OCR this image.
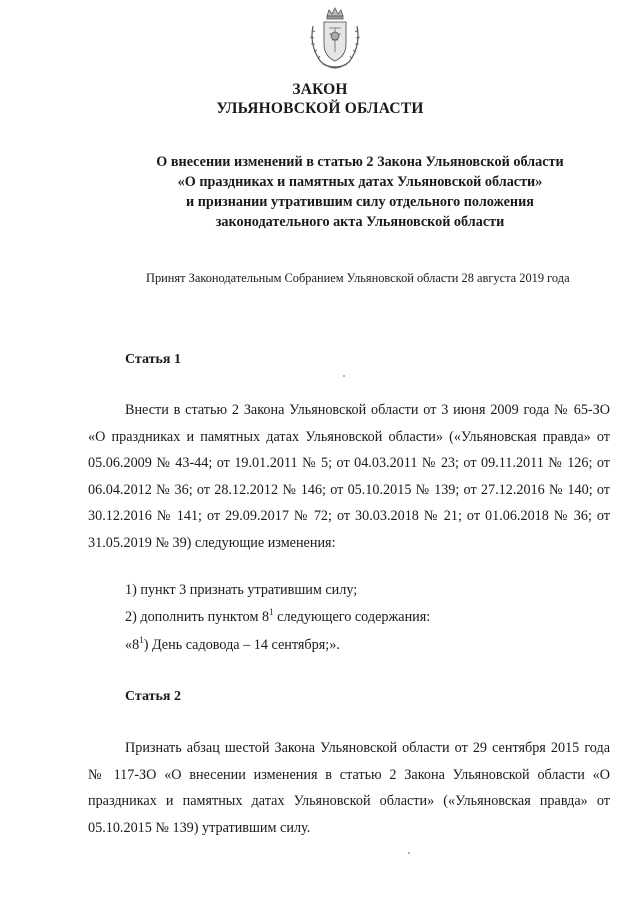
ЗАКОН
УЛЬЯНОВСКОЙ ОБЛАСТИ
О внесении изменений в статью 2 Закона Ульяновской области
«О праздниках и памятных датах Ульяновской области»
и признании утратившим силу отдельного положения
законодательного акта Ульяновской области
Принят Законодательным Собранием Ульяновской области 28 августа 2019 года
Статья 1
Внести в статью 2 Закона Ульяновской области от 3 июня 2009 года № 65-ЗО «О праздниках и памятных датах Ульяновской области» («Ульяновская правда» от 05.06.2009 № 43-44; от 19.01.2011 № 5; от 04.03.2011 № 23; от 09.11.2011 № 126; от 06.04.2012 № 36; от 28.12.2012 № 146; от 05.10.2015 № 139; от 27.12.2016 № 140; от 30.12.2016 № 141; от 29.09.2017 № 72; от 30.03.2018 № 21; от 01.06.2018 № 36; от 31.05.2019 № 39) следующие изменения:
1) пункт 3 признать утратившим силу;
2) дополнить пунктом $8^1$ следующего содержания:
«$8^1$) День садовода – 14 сентября;».
Статья 2
Признать абзац шестой Закона Ульяновской области от 29 сентября 2015 года № 117-ЗО «О внесении изменения в статью 2 Закона Ульяновской области «О праздниках и памятных датах Ульяновской области» («Ульяновская правда» от 05.10.2015 № 139) утратившим силу.
